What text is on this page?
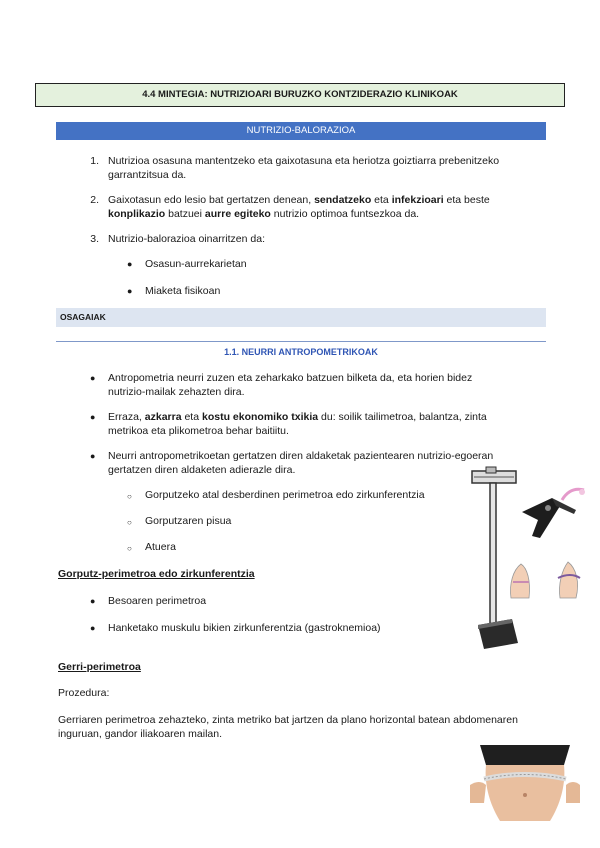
4.4 MINTEGIA: NUTRIZIOARI BURUZKO KONTZIDERAZIO KLINIKOAK
NUTRIZIO-BALORAZIOA
1. Nutrizioa osasuna mantentzeko eta gaixotasuna eta heriotza goiztiarra prebenitzeko
garrantzitsua da.
2. Gaixotasun edo lesio bat gertatzen denean, sendatzeko eta infekzioari eta beste
konplikazio batzuei aurre egiteko nutrizio optimoa funtsezkoa da.
3. Nutrizio-balorazioa oinarritzen da:
● Osasun-aurrekarietan
● Miaketa fisikoan
OSAGAIAK
1.1. NEURRI ANTROPOMETRIKOAK
● Antropometria neurri zuzen eta zeharkako batzuen bilketa da, eta horien bidez
nutrizio-mailak zehazten dira.
● Erraza, azkarra eta kostu ekonomiko txikia du: soilik tailimetroa, balantza, zinta
metrikoa eta plikometroa behar baitiitu.
● Neurri antropometrikoetan gertatzen diren aldaketak pazientearen nutrizio-egoeran
gertatzen diren aldaketen adierazle dira.
○ Gorputzeko atal desberdinen perimetroa edo zirkunferentzia
○ Gorputzaren pisua
○ Atuera
Gorputz-perimetroa edo zirkunferentzia
● Besoaren perimetroa
● Hanketako muskulu bikien zirkunferentzia (gastroknemioa)
Gerri-perimetroa
Prozedura:
Gerriaren perimetroa zehazteko, zinta metriko bat jartzen da plano horizontal batean abdomenaren
inguruan, gandor iliakoaren mailan.
